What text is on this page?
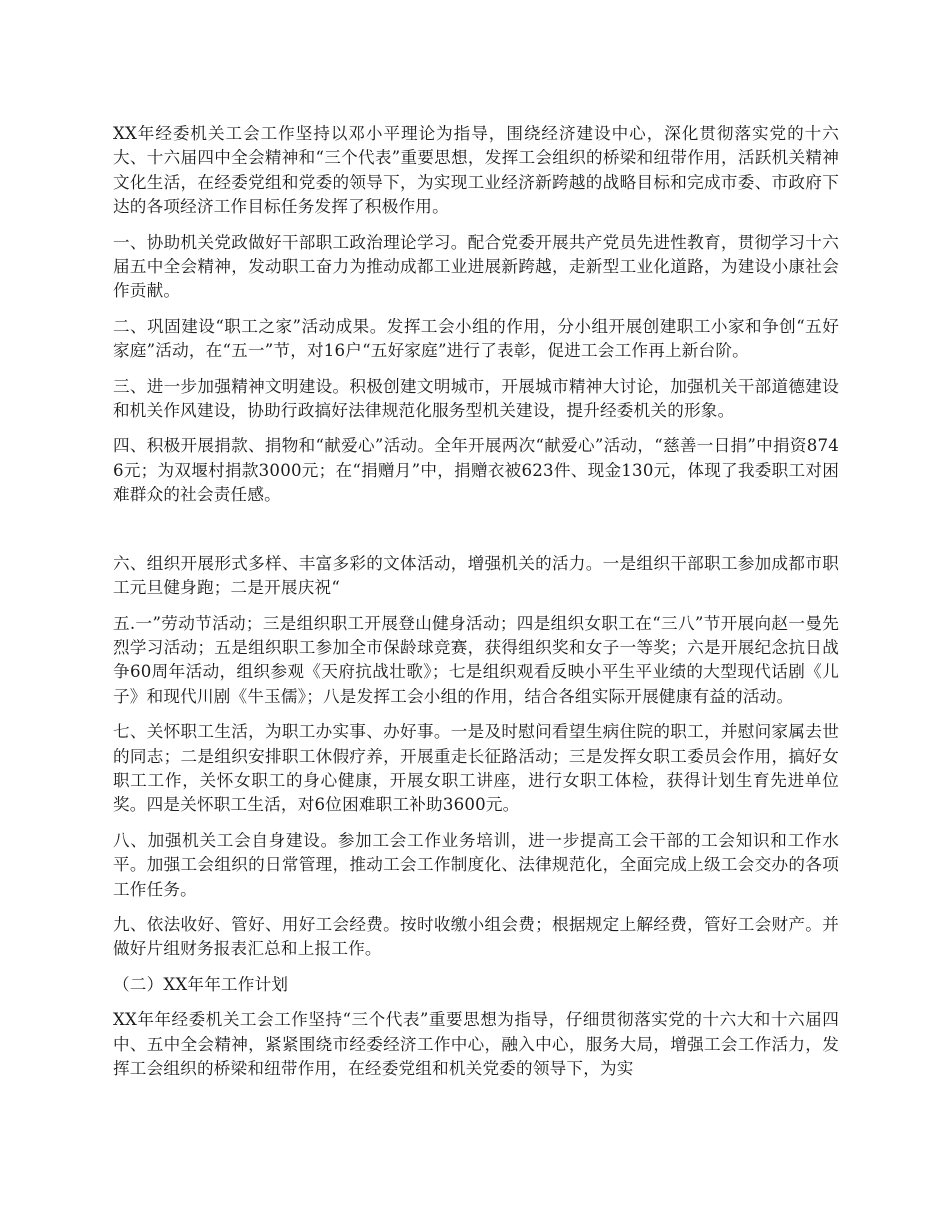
XX年经委机关工会工作坚持以邓小平理论为指导，围绕经济建设中心，深化贯彻落实党的十六大、十六届四中全会精神和“三个代表”重要思想，发挥工会组织的桥梁和纽带作用，活跃机关精神文化生活，在经委党组和党委的领导下，为实现工业经济新跨越的战略目标和完成市委、市政府下达的各项经济工作目标任务发挥了积极作用。

一、协助机关党政做好干部职工政治理论学习。配合党委开展共产党员先进性教育，贯彻学习十六届五中全会精神，发动职工奋力为推动成都工业进展新跨越，走新型工业化道路，为建设小康社会作贡献。

二、巩固建设“职工之家”活动成果。发挥工会小组的作用，分小组开展创建职工小家和争创“五好家庭”活动，在“五一”节，对16户“五好家庭”进行了表彰，促进工会工作再上新台阶。

三、进一步加强精神文明建设。积极创建文明城市，开展城市精神大讨论，加强机关干部道德建设和机关作风建设，协助行政搞好法律规范化服务型机关建设，提升经委机关的形象。

四、积极开展捐款、捐物和“献爱心”活动。全年开展两次“献爱心”活动，“慈善一日捐”中捐资8746元；为双堰村捐款3000元；在“捐赠月”中，捐赠衣被623件、现金130元，体现了我委职工对困难群众的社会责任感。

六、组织开展形式多样、丰富多彩的文体活动，增强机关的活力。一是组织干部职工参加成都市职工元旦健身跑；二是开展庆祝“

五.一”劳动节活动；三是组织职工开展登山健身活动；四是组织女职工在“三八”节开展向赵一曼先烈学习活动；五是组织职工参加全市保龄球竞赛，获得组织奖和女子一等奖；六是开展纪念抗日战争60周年活动，组织参观《天府抗战壮歌》；七是组织观看反映小平生平业绩的大型现代话剧《儿子》和现代川剧《牛玉儒》；八是发挥工会小组的作用，结合各组实际开展健康有益的活动。

七、关怀职工生活，为职工办实事、办好事。一是及时慰问看望生病住院的职工，并慰问家属去世的同志；二是组织安排职工休假疗养，开展重走长征路活动；三是发挥女职工委员会作用，搞好女职工工作，关怀女职工的身心健康，开展女职工讲座，进行女职工体检，获得计划生育先进单位奖。四是关怀职工生活，对6位困难职工补助3600元。

八、加强机关工会自身建设。参加工会工作业务培训，进一步提高工会干部的工会知识和工作水平。加强工会组织的日常管理，推动工会工作制度化、法律规范化，全面完成上级工会交办的各项工作任务。

九、依法收好、管好、用好工会经费。按时收缴小组会费；根据规定上解经费，管好工会财产。并做好片组财务报表汇总和上报工作。

（二）XX年年工作计划

XX年年经委机关工会工作坚持“三个代表”重要思想为指导，仔细贯彻落实党的十六大和十六届四中、五中全会精神，紧紧围绕市经委经济工作中心，融入中心，服务大局，增强工会工作活力，发挥工会组织的桥梁和纽带作用，在经委党组和机关党委的领导下，为实
